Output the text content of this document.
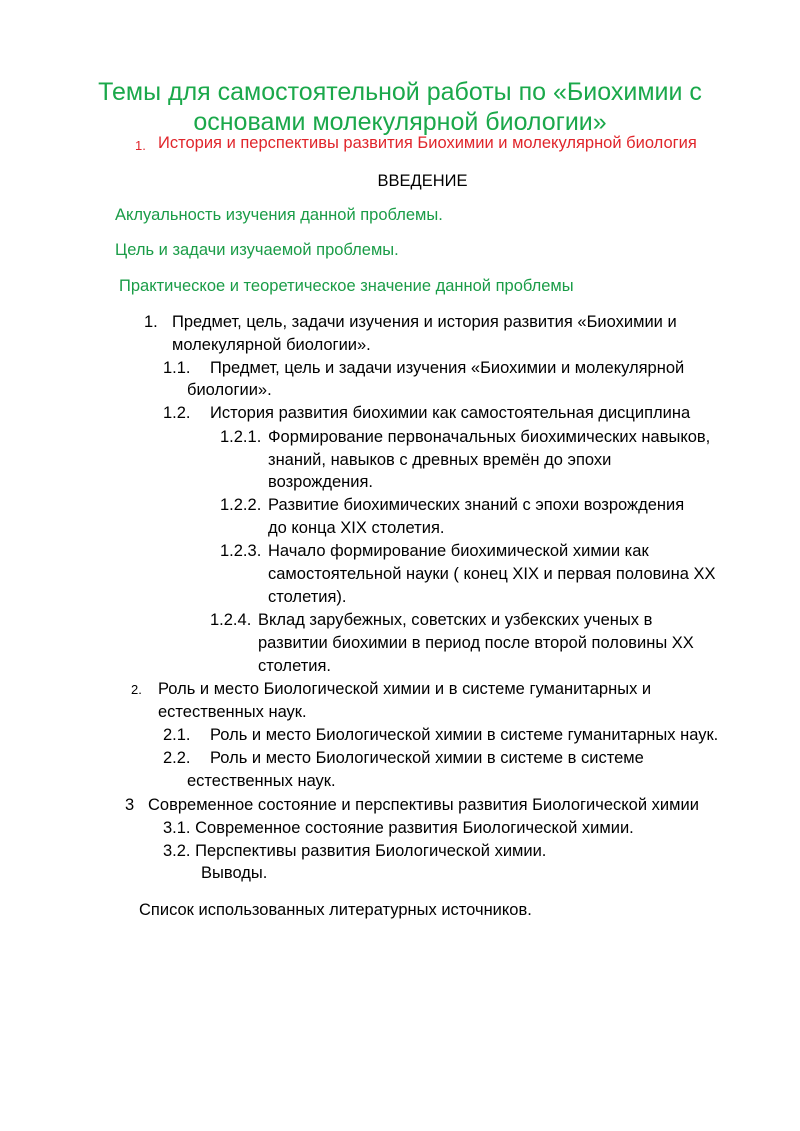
Темы для самостоятельной работы по «Биохимии с
основами молекулярной биологии»
1. История и перспективы развития Биохимии и молекулярной биология
ВВЕДЕНИЕ
Аклуальность изучения данной проблемы.
Цель и задачи изучаемой проблемы.
Практическое и теоретическое значение данной проблемы
1. Предмет, цель, задачи изучения и история развития «Биохимии и
молекулярной биологии».
1.1. Предмет, цель и задачи изучения «Биохимии и молекулярной
биологии».
1.2. История развития биохимии как самостоятельная дисциплина
1.2.1. Формирование первоначальных биохимических навыков,
знаний, навыков с древных времён до эпохи
возрождения.
1.2.2. Развитие биохимических знаний с эпохи возрождения
до конца XIX столетия.
1.2.3. Начало формирование биохимической химии как
самостоятельной науки ( конец XIX и первая половина XX
столетия).
1.2.4. Вклад зарубежных, советских и узбекских ученых в
развитии биохимии в период после второй половины XX
столетия.
2. Роль и место Биологической химии и в системе гуманитарных и
естественных наук.
2.1. Роль и место Биологической химии в системе гуманитарных наук.
2.2. Роль и место Биологической химии в системе в системе
естественных наук.
3 Современное состояние и перспективы развития Биологической химии
3.1. Современное состояние развития Биологической химии.
3.2. Перспективы развития Биологической химии.
Выводы.
Список использованных литературных источников.
